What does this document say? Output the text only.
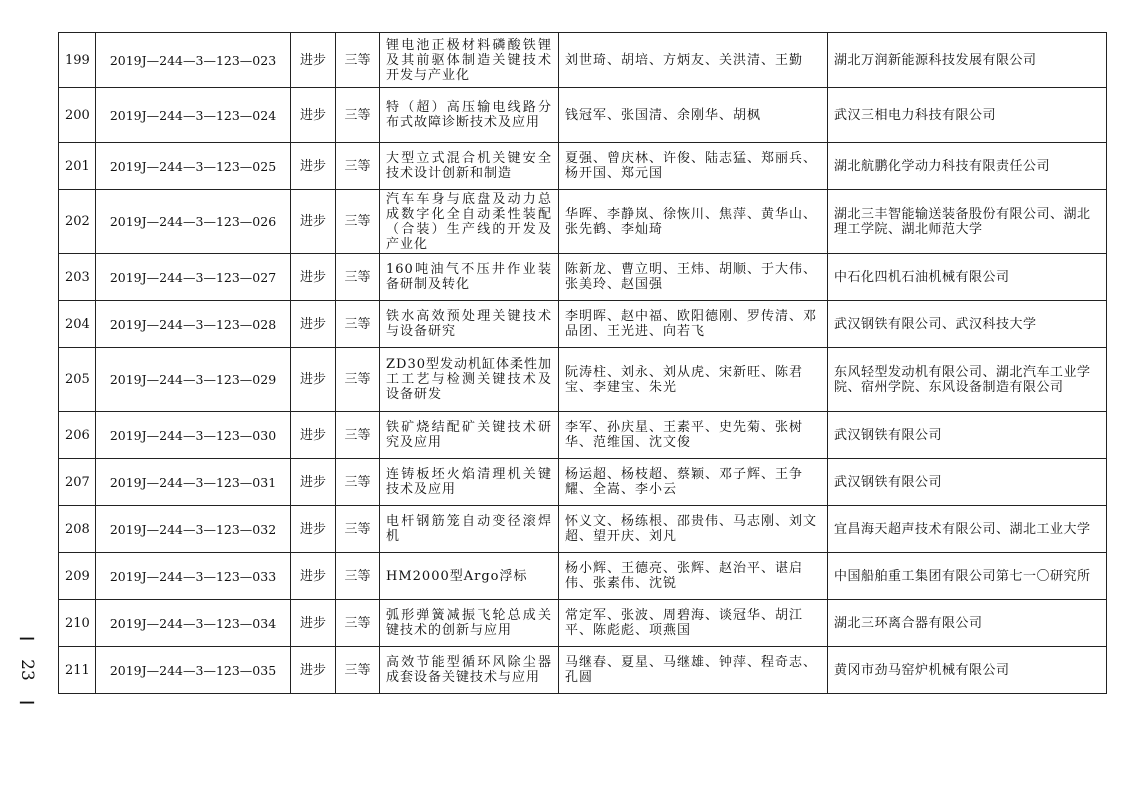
199	2019J—244—3—123—023	进步	三等	锂电池正极材料磷酸铁锂及其前驱体制造关键技术开发与产业化	刘世琦、胡培、方炳友、关洪清、王勤	湖北万润新能源科技发展有限公司
200	2019J—244—3—123—024	进步	三等	特（超）高压输电线路分布式故障诊断技术及应用	钱冠军、张国清、余刚华、胡枫	武汉三相电力科技有限公司
201	2019J—244—3—123—025	进步	三等	大型立式混合机关键安全技术设计创新和制造	夏强、曾庆林、许俊、陆志猛、郑丽兵、杨开国、郑元国	湖北航鹏化学动力科技有限责任公司
202	2019J—244—3—123—026	进步	三等	汽车车身与底盘及动力总成数字化全自动柔性装配（合装）生产线的开发及产业化	华晖、李静岚、徐恢川、焦萍、黄华山、张先鹤、李灿琦	湖北三丰智能输送装备股份有限公司、湖北理工学院、湖北师范大学
203	2019J—244—3—123—027	进步	三等	160吨油气不压井作业装备研制及转化	陈新龙、曹立明、王炜、胡顺、于大伟、张美玲、赵国强	中石化四机石油机械有限公司
204	2019J—244—3—123—028	进步	三等	铁水高效预处理关键技术与设备研究	李明晖、赵中福、欧阳德刚、罗传清、邓品团、王光进、向若飞	武汉钢铁有限公司、武汉科技大学
205	2019J—244—3—123—029	进步	三等	ZD30型发动机缸体柔性加工工艺与检测关键技术及设备研发	阮涛柱、刘永、刘从虎、宋新旺、陈君宝、李建宝、朱光	东风轻型发动机有限公司、湖北汽车工业学院、宿州学院、东风设备制造有限公司
206	2019J—244—3—123—030	进步	三等	铁矿烧结配矿关键技术研究及应用	李军、孙庆星、王素平、史先菊、张树华、范维国、沈文俊	武汉钢铁有限公司
207	2019J—244—3—123—031	进步	三等	连铸板坯火焰清理机关键技术及应用	杨运超、杨枝超、蔡颖、邓子辉、王争耀、全嵩、李小云	武汉钢铁有限公司
208	2019J—244—3—123—032	进步	三等	电杆钢筋笼自动变径滚焊机	怀义文、杨练根、邵贵伟、马志刚、刘文超、望开庆、刘凡	宜昌海天超声技术有限公司、湖北工业大学
209	2019J—244—3—123—033	进步	三等	HM2000型Argo浮标	杨小辉、王德亮、张辉、赵治平、谌启伟、张素伟、沈锐	中国船舶重工集团有限公司第七一〇研究所
210	2019J—244—3—123—034	进步	三等	弧形弹簧减振飞轮总成关键技术的创新与应用	常定军、张波、周碧海、谈冠华、胡江平、陈彪彪、项燕国	湖北三环离合器有限公司
211	2019J—244—3—123—035	进步	三等	高效节能型循环风除尘器成套设备关键技术与应用	马继春、夏星、马继雄、钟萍、程奇志、孔圆	黄冈市劲马窑炉机械有限公司
—
23
—
